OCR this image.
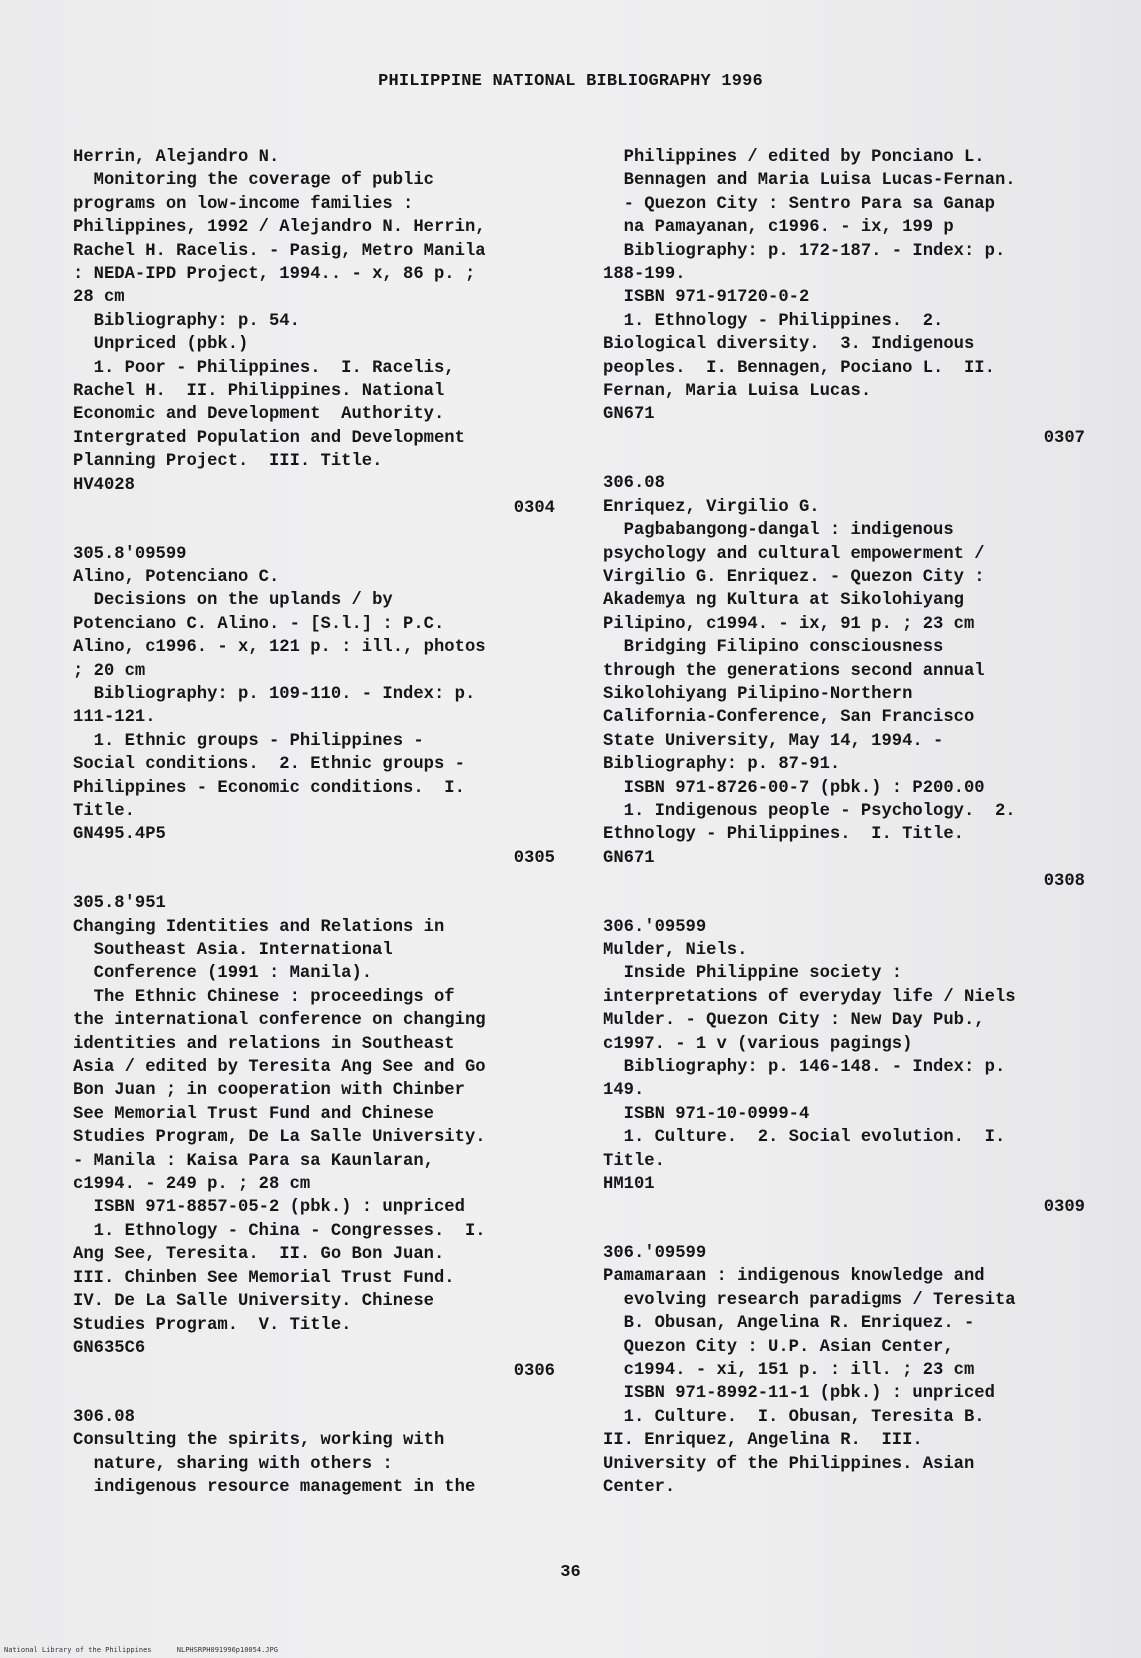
PHILIPPINE NATIONAL BIBLIOGRAPHY 1996
Herrin, Alejandro N.
Monitoring the coverage of public
programs on low-income families :
Philippines, 1992 / Alejandro N. Herrin,
Rachel H. Racelis. - Pasig, Metro Manila
: NEDA-IPD Project, 1994.. - x, 86 p. ;
28 cm
Bibliography: p. 54.
Unpriced (pbk.)
1. Poor - Philippines.  I. Racelis,
Rachel H.  II. Philippines. National
Economic and Development  Authority.
Intergrated Population and Development
Planning Project.  III. Title.
HV4028
0304
305.8'09599
Alino, Potenciano C.
Decisions on the uplands / by
Potenciano C. Alino. - [S.l.] : P.C.
Alino, c1996. - x, 121 p. : ill., photos
; 20 cm
Bibliography: p. 109-110. - Index: p.
111-121.
1. Ethnic groups - Philippines -
Social conditions.  2. Ethnic groups -
Philippines - Economic conditions.  I.
Title.
GN495.4P5
0305
305.8'951
Changing Identities and Relations in
Southeast Asia. International
Conference (1991 : Manila).
The Ethnic Chinese : proceedings of
the international conference on changing
identities and relations in Southeast
Asia / edited by Teresita Ang See and Go
Bon Juan ; in cooperation with Chinber
See Memorial Trust Fund and Chinese
Studies Program, De La Salle University.
- Manila : Kaisa Para sa Kaunlaran,
c1994. - 249 p. ; 28 cm
ISBN 971-8857-05-2 (pbk.) : unpriced
1. Ethnology - China - Congresses.  I.
Ang See, Teresita.  II. Go Bon Juan.
III. Chinben See Memorial Trust Fund.
IV. De La Salle University. Chinese
Studies Program.  V. Title.
GN635C6
0306
306.08
Consulting the spirits, working with
nature, sharing with others :
indigenous resource management in the
Philippines / edited by Ponciano L.
Bennagen and Maria Luisa Lucas-Fernan.
- Quezon City : Sentro Para sa Ganap
na Pamayanan, c1996. - ix, 199 p
Bibliography: p. 172-187. - Index: p.
188-199.
ISBN 971-91720-0-2
1. Ethnology - Philippines.  2.
Biological diversity.  3. Indigenous
peoples.  I. Bennagen, Pociano L.  II.
Fernan, Maria Luisa Lucas.
GN671
0307
306.08
Enriquez, Virgilio G.
Pagbabangong-dangal : indigenous
psychology and cultural empowerment /
Virgilio G. Enriquez. - Quezon City :
Akademya ng Kultura at Sikolohiyang
Pilipino, c1994. - ix, 91 p. ; 23 cm
Bridging Filipino consciousness
through the generations second annual
Sikolohiyang Pilipino-Northern
California-Conference, San Francisco
State University, May 14, 1994. -
Bibliography: p. 87-91.
ISBN 971-8726-00-7 (pbk.) : P200.00
1. Indigenous people - Psychology.  2.
Ethnology - Philippines.  I. Title.
GN671
0308
306.'09599
Mulder, Niels.
Inside Philippine society :
interpretations of everyday life / Niels
Mulder. - Quezon City : New Day Pub.,
c1997. - 1 v (various pagings)
Bibliography: p. 146-148. - Index: p.
149.
ISBN 971-10-0999-4
1. Culture.  2. Social evolution.  I.
Title.
HM101
0309
306.'09599
Pamamaraan : indigenous knowledge and
evolving research paradigms / Teresita
B. Obusan, Angelina R. Enriquez. -
Quezon City : U.P. Asian Center,
c1994. - xi, 151 p. : ill. ; 23 cm
ISBN 971-8992-11-1 (pbk.) : unpriced
1. Culture.  I. Obusan, Teresita B.
II. Enriquez, Angelina R.  III.
University of the Philippines. Asian
Center.
36
National Library of the Philippines      NLPHSRPH091996p10054.JPG
